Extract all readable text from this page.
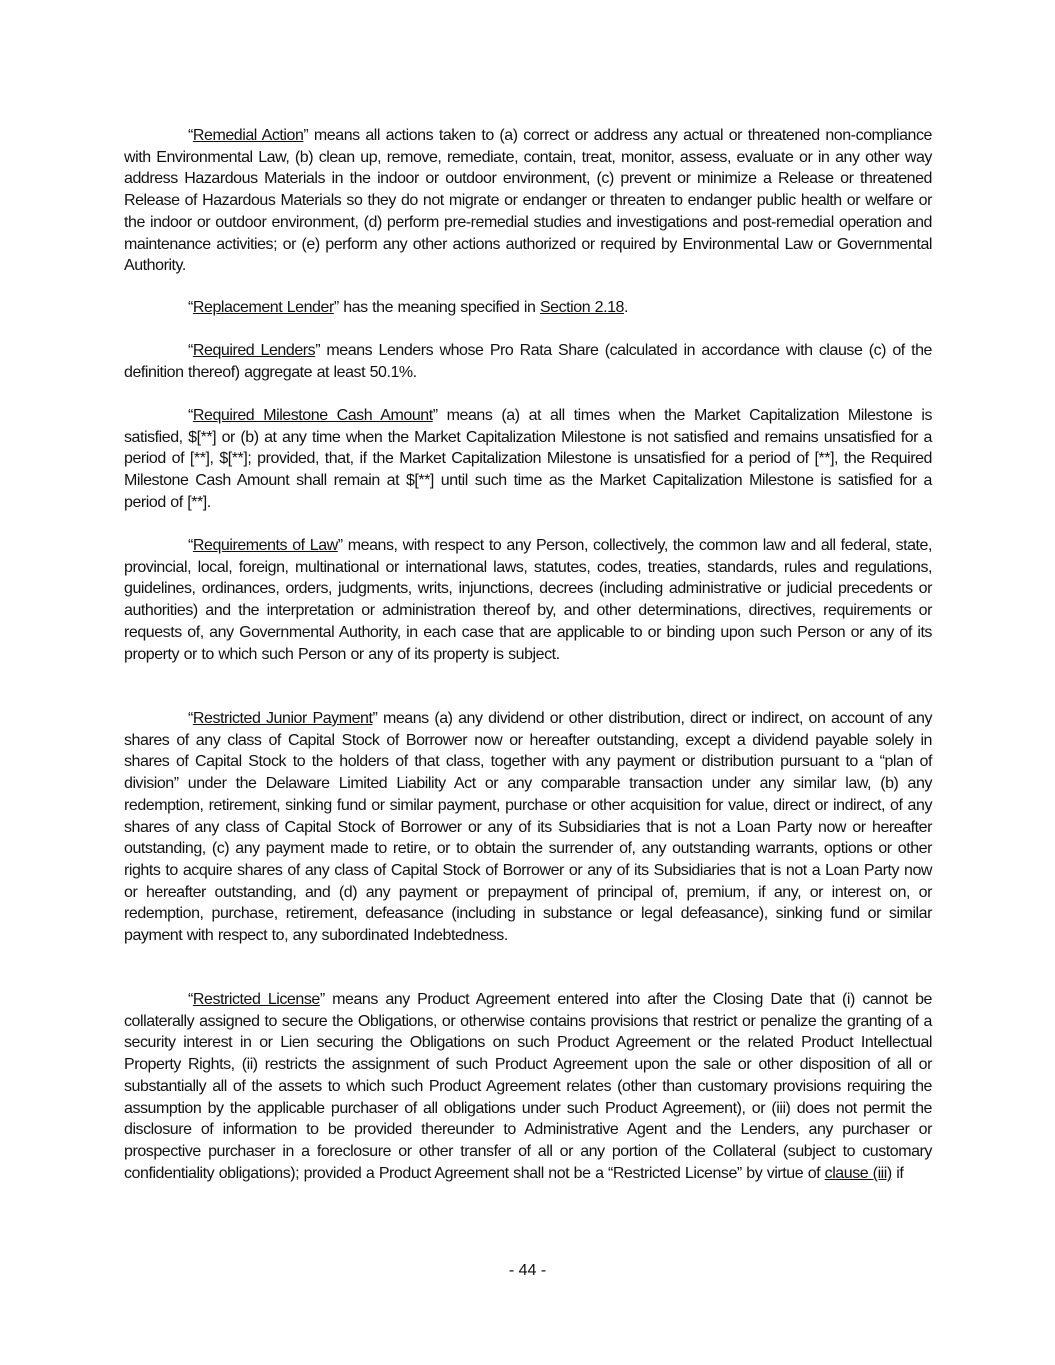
“Remedial Action” means all actions taken to (a) correct or address any actual or threatened non-compliance with Environmental Law, (b) clean up, remove, remediate, contain, treat, monitor, assess, evaluate or in any other way address Hazardous Materials in the indoor or outdoor environment, (c) prevent or minimize a Release or threatened Release of Hazardous Materials so they do not migrate or endanger or threaten to endanger public health or welfare or the indoor or outdoor environment, (d) perform pre-remedial studies and investigations and post-remedial operation and maintenance activities; or (e) perform any other actions authorized or required by Environmental Law or Governmental Authority.

“Replacement Lender” has the meaning specified in Section 2.18.

“Required Lenders” means Lenders whose Pro Rata Share (calculated in accordance with clause (c) of the definition thereof) aggregate at least 50.1%.

“Required Milestone Cash Amount” means (a) at all times when the Market Capitalization Milestone is satisfied, $[**] or (b) at any time when the Market Capitalization Milestone is not satisfied and remains unsatisfied for a period of [**], $[**]; provided, that, if the Market Capitalization Milestone is unsatisfied for a period of [**], the Required Milestone Cash Amount shall remain at $[**] until such time as the Market Capitalization Milestone is satisfied for a period of [**].

“Requirements of Law” means, with respect to any Person, collectively, the common law and all federal, state, provincial, local, foreign, multinational or international laws, statutes, codes, treaties, standards, rules and regulations, guidelines, ordinances, orders, judgments, writs, injunctions, decrees (including administrative or judicial precedents or authorities) and the interpretation or administration thereof by, and other determinations, directives, requirements or requests of, any Governmental Authority, in each case that are applicable to or binding upon such Person or any of its property or to which such Person or any of its property is subject.

“Restricted Junior Payment” means (a) any dividend or other distribution, direct or indirect, on account of any shares of any class of Capital Stock of Borrower now or hereafter outstanding, except a dividend payable solely in shares of Capital Stock to the holders of that class, together with any payment or distribution pursuant to a “plan of division” under the Delaware Limited Liability Act or any comparable transaction under any similar law, (b) any redemption, retirement, sinking fund or similar payment, purchase or other acquisition for value, direct or indirect, of any shares of any class of Capital Stock of Borrower or any of its Subsidiaries that is not a Loan Party now or hereafter outstanding, (c) any payment made to retire, or to obtain the surrender of, any outstanding warrants, options or other rights to acquire shares of any class of Capital Stock of Borrower or any of its Subsidiaries that is not a Loan Party now or hereafter outstanding, and (d) any payment or prepayment of principal of, premium, if any, or interest on, or redemption, purchase, retirement, defeasance (including in substance or legal defeasance), sinking fund or similar payment with respect to, any subordinated Indebtedness.

“Restricted License” means any Product Agreement entered into after the Closing Date that (i) cannot be collaterally assigned to secure the Obligations, or otherwise contains provisions that restrict or penalize the granting of a security interest in or Lien securing the Obligations on such Product Agreement or the related Product Intellectual Property Rights, (ii) restricts the assignment of such Product Agreement upon the sale or other disposition of all or substantially all of the assets to which such Product Agreement relates (other than customary provisions requiring the assumption by the applicable purchaser of all obligations under such Product Agreement), or (iii) does not permit the disclosure of information to be provided thereunder to Administrative Agent and the Lenders, any purchaser or prospective purchaser in a foreclosure or other transfer of all or any portion of the Collateral (subject to customary confidentiality obligations); provided a Product Agreement shall not be a “Restricted License” by virtue of clause (iii) if

- 44 -
